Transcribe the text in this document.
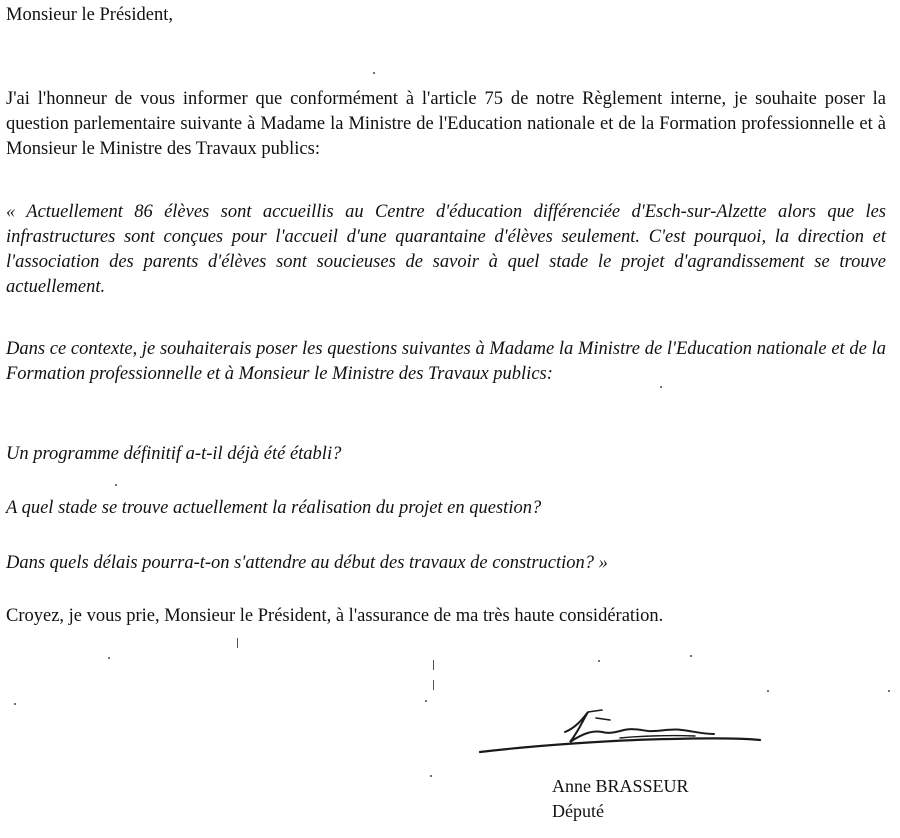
Monsieur le Président,

J'ai l'honneur de vous informer que conformément à l'article 75 de notre Règlement interne, je souhaite poser la question parlementaire suivante à Madame la Ministre de l'Education nationale et de la Formation professionnelle et à Monsieur le Ministre des Travaux publics:

« Actuellement 86 élèves sont accueillis au Centre d'éducation différenciée d'Esch-sur-Alzette alors que les infrastructures sont conçues pour l'accueil d'une quarantaine d'élèves seulement. C'est pourquoi, la direction et l'association des parents d'élèves sont soucieuses de savoir à quel stade le projet d'agrandissement se trouve actuellement.

Dans ce contexte, je souhaiterais poser les questions suivantes à Madame la Ministre de l'Education nationale et de la Formation professionnelle et à Monsieur le Ministre des Travaux publics:

Un programme définitif a-t-il déjà été établi?

A quel stade se trouve actuellement la réalisation du projet en question?

Dans quels délais pourra-t-on s'attendre au début des travaux de construction? »

Croyez, je vous prie, Monsieur le Président, à l'assurance de ma très haute considération.

Anne BRASSEUR

Député
